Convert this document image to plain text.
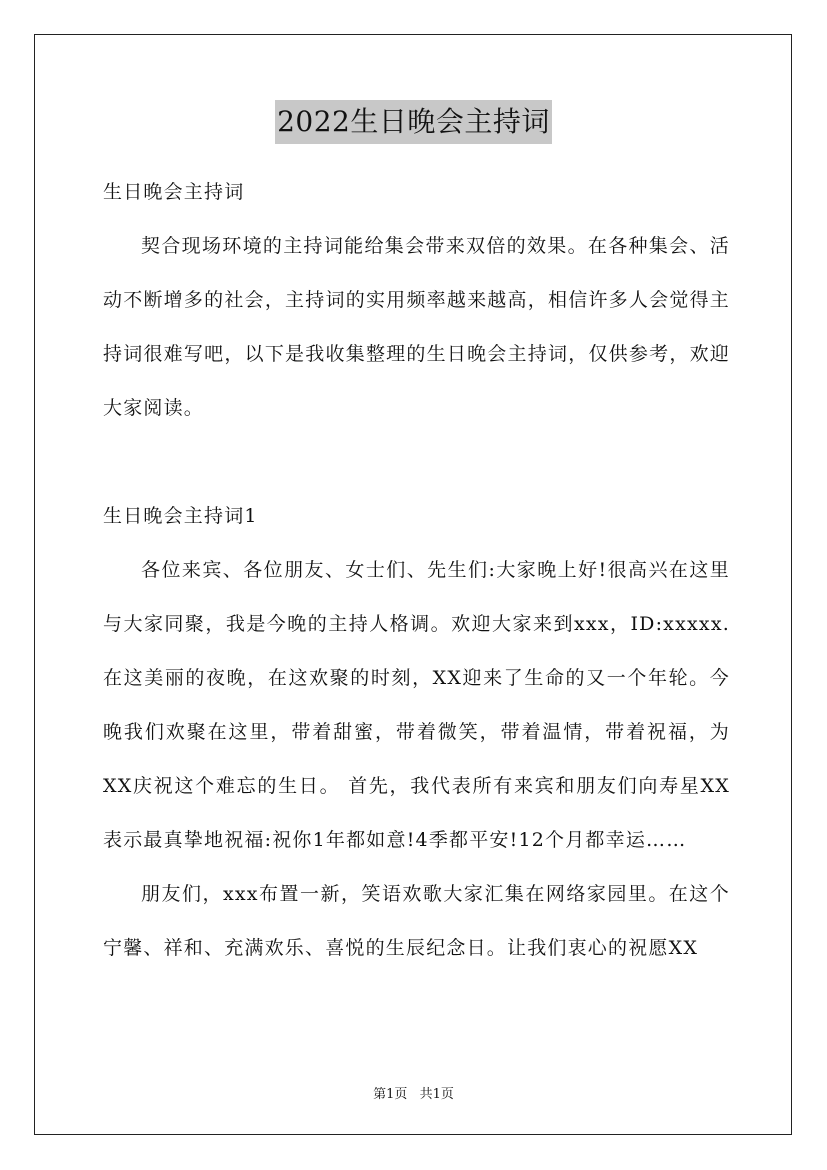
2022生日晚会主持词

生日晚会主持词

契合现场环境的主持词能给集会带来双倍的效果。在各种集会、活动不断增多的社会，主持词的实用频率越来越高，相信许多人会觉得主持词很难写吧，以下是我收集整理的生日晚会主持词，仅供参考，欢迎大家阅读。

生日晚会主持词1

各位来宾、各位朋友、女士们、先生们:大家晚上好!很高兴在这里与大家同聚，我是今晚的主持人格调。欢迎大家来到xxx，ID:xxxxx. 在这美丽的夜晚，在这欢聚的时刻，XX迎来了生命的又一个年轮。今晚我们欢聚在这里，带着甜蜜，带着微笑，带着温情，带着祝福，为XX庆祝这个难忘的生日。 首先，我代表所有来宾和朋友们向寿星XX表示最真挚地祝福:祝你1年都如意!4季都平安!12个月都幸运……

朋友们，xxx布置一新，笑语欢歌大家汇集在网络家园里。在这个宁馨、祥和、充满欢乐、喜悦的生辰纪念日。让我们衷心的祝愿XX

第1页 共1页
